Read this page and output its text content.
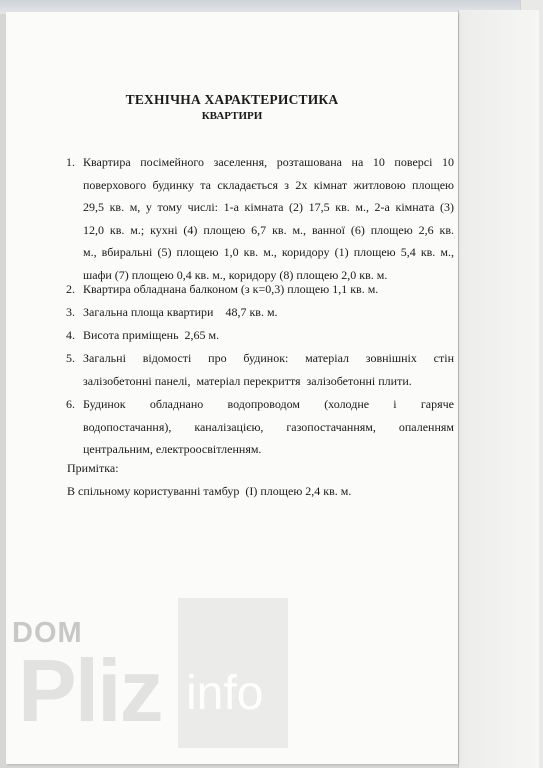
ТЕХНІЧНА ХАРАКТЕРИСТИКА
КВАРТИРИ
1. Квартира посімейного заселення, розташована на 10 поверсі 10
поверхового будинку та складається з 2х кімнат житловою площею
29,5 кв. м, у тому числі: 1-а кімната (2) 17,5 кв. м., 2-а кімната (3)
12,0 кв. м.; кухні (4) площею 6,7 кв. м., ванної (6) площею 2,6 кв.
м., вбиральні (5) площею 1,0 кв. м., коридору (1) площею 5,4 кв. м.,
шафи (7) площею 0,4 кв. м., коридору (8) площею 2,0 кв. м.
2. Квартира обладнана балконом (з к=0,3) площею 1,1 кв. м.
3. Загальна площа квартири    48,7 кв. м.
4. Висота приміщень  2,65 м.
5. Загальні відомості про будинок: матеріал зовнішніх стін
залізобетонні панелі,  матеріал перекриття  залізобетонні плити.
6. Будинок обладнано водопроводом (холодне і гаряче
водопостачання), каналізацією, газопостачанням, опаленням
центральним, електроосвітленням.
Примітка:
В спільному користуванні тамбур  (І) площею 2,4 кв. м.
DOM
Pliz info
